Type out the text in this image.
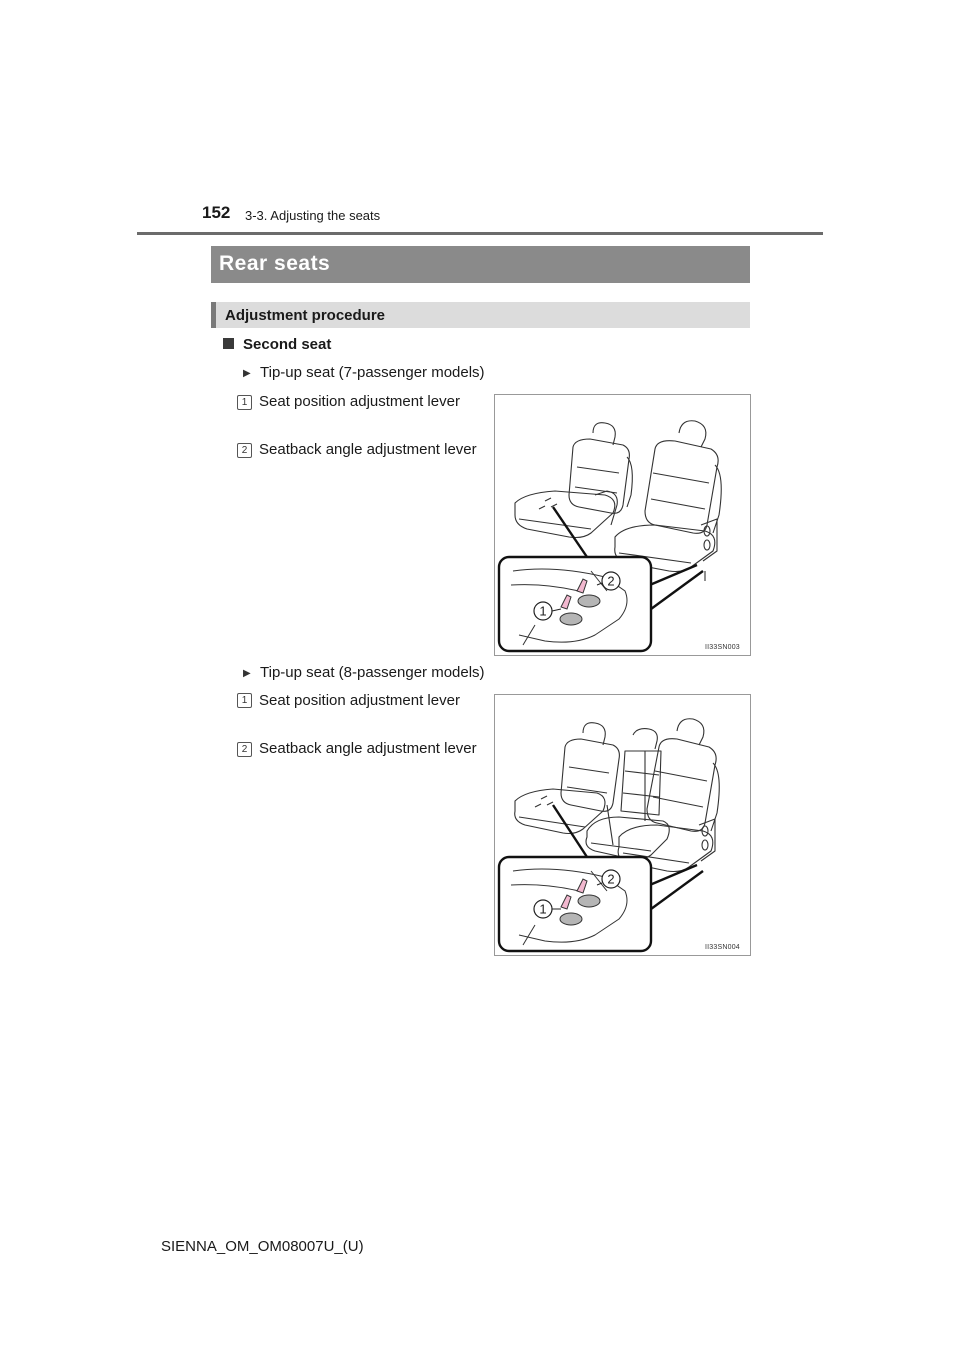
152 3-3. Adjusting the seats
Rear seats
Adjustment procedure
Second seat
▶ Tip-up seat (7-passenger models)
1 Seat position adjustment lever
2 Seatback angle adjustment lever
2
1
II33SN003
▶ Tip-up seat (8-passenger models)
1 Seat position adjustment lever
2 Seatback angle adjustment lever
2
1
II33SN004
SIENNA_OM_OM08007U_(U)
